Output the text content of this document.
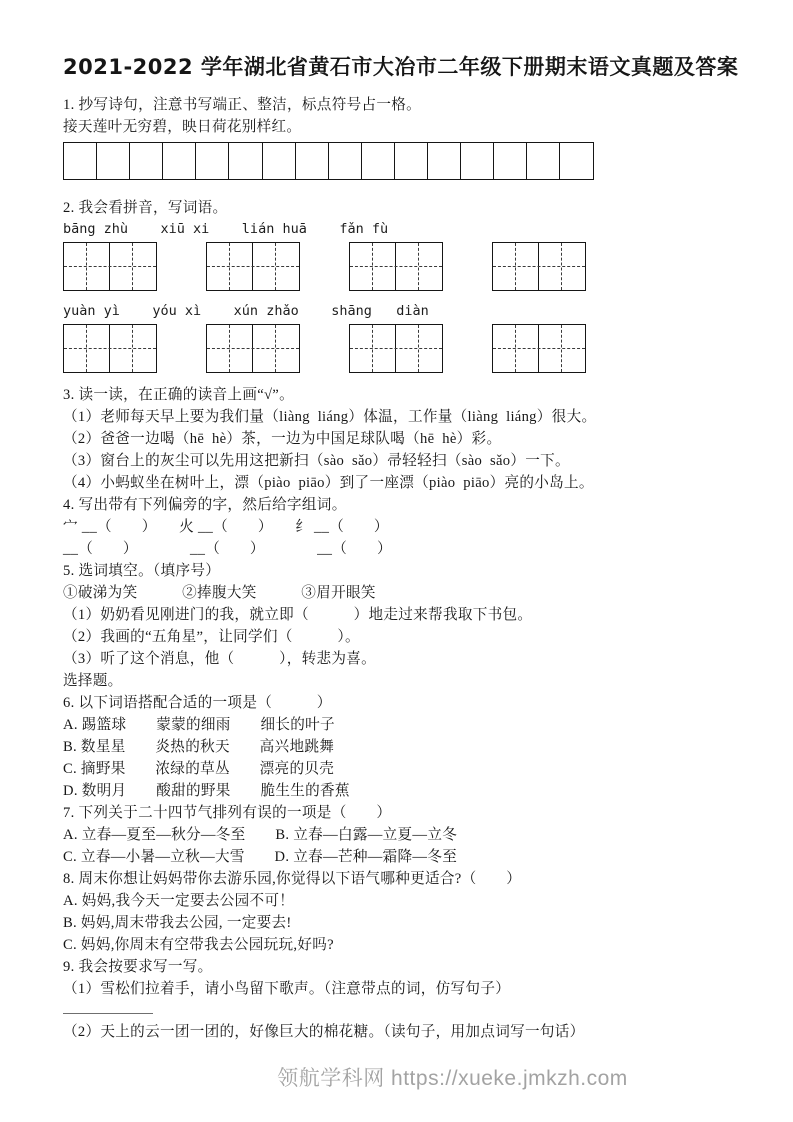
2021-2022 学年湖北省黄石市大冶市二年级下册期末语文真题及答案
1. 抄写诗句，注意书写端正、整洁，标点符号占一格。
接天莲叶无穷碧，映日荷花别样红。
2. 我会看拼音，写词语。
bāng zhù    xiū xi    lián huā    fǎn fù
yuàn yì    yóu xì    xún zhǎo    shāng   diàn
3. 读一读，在正确的读音上画“√”。
（1）老师每天早上要为我们量（liàng  liáng）体温，工作量（liàng  liáng）很大。
（2）爸爸一边喝（hē  hè）茶，一边为中国足球队喝（hē  hè）彩。
（3）窗台上的灰尘可以先用这把新扫（sào  sǎo）帚轻轻扫（sào  sǎo）一下。
（4）小蚂蚁坐在树叶上，漂（piào  piāo）到了一座漂（piào  piāo）亮的小岛上。
4. 写出带有下列偏旁的字，然后给字组词。
宀 __（　　）　　火 __（　　）　　纟 __（　　）
__（　　）　　　　__（　　）　　　　__（　　）
5. 选词填空。（填序号）
①破涕为笑　　　②捧腹大笑　　　③眉开眼笑
（1）奶奶看见刚进门的我，就立即（　　　）地走过来帮我取下书包。
（2）我画的“五角星”，让同学们（　　　）。
（3）听了这个消息，他（　　　），转悲为喜。
选择题。
6. 以下词语搭配合适的一项是（　　　）
A. 踢篮球　　蒙蒙的细雨　　细长的叶子
B. 数星星　　炎热的秋天　　高兴地跳舞
C. 摘野果　　浓绿的草丛　　漂亮的贝壳
D. 数明月　　酸甜的野果　　脆生生的香蕉
7. 下列关于二十四节气排列有误的一项是（　　）
A. 立春—夏至—秋分—冬至　　B. 立春—白露—立夏—立冬
C. 立春—小暑—立秋—大雪　　D. 立春—芒种—霜降—冬至
8. 周末你想让妈妈带你去游乐园,你觉得以下语气哪种更适合?（　　）
A. 妈妈,我今天一定要去公园不可！
B. 妈妈,周末带我去公园, 一定要去!
C. 妈妈,你周末有空带我去公园玩玩,好吗?
9. 我会按要求写一写。
（1）雪松们拉着手，请小鸟留下歌声。（注意带点的词，仿写句子）
（2）天上的云一团一团的，好像巨大的棉花糖。（读句子，用加点词写一句话）
领航学科网 https://xueke.jmkzh.com
